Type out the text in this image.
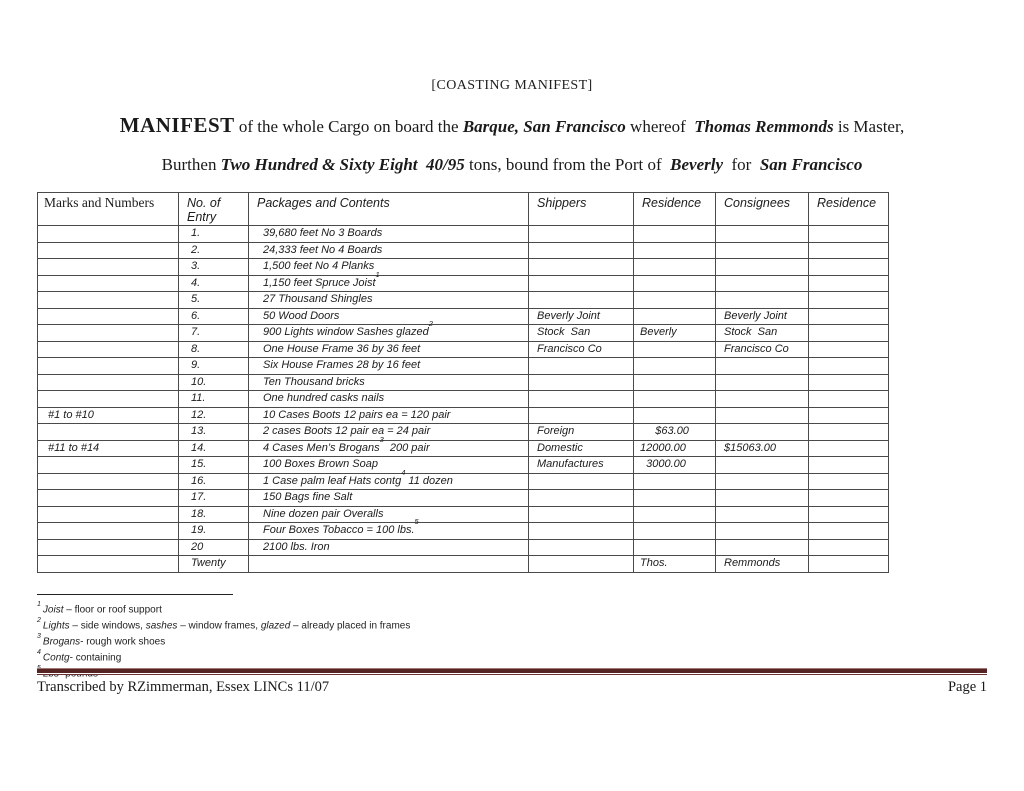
[COASTING MANIFEST]
MANIFEST of the whole Cargo on board the Barque, San Francisco whereof  Thomas Remmonds is Master,
Burthen Two Hundred & Sixty Eight  40/95 tons, bound from the Port of  Beverly  for  San Francisco
Marks and Numbers	No. of Entry	Packages and Contents	Shippers	Residence	Consignees	Residence
	1.	39,680 feet No 3 Boards				
	2.	24,333 feet No 4 Boards				
	3.	1,500 feet No 4 Planks				
	4.	1,150 feet Spruce Joist$^1$				
	5.	27 Thousand Shingles				
	6.	50 Wood Doors	Beverly Joint		Beverly Joint	
	7.	900 Lights window Sashes glazed$^2$	Stock  San	Beverly	Stock  San	
	8.	One House Frame 36 by 36 feet	Francisco Co		Francisco Co	
	9.	Six House Frames 28 by 16 feet				
	10.	Ten Thousand bricks				
	11.	One hundred casks nails				
#1 to #10	12.	10 Cases Boots 12 pairs ea = 120 pair				
	13.	2 cases Boots 12 pair ea = 24 pair	Foreign	$63.00		
#11 to #14	14.	4 Cases Men’s Brogans$^3$  200 pair	Domestic	12000.00	$15063.00	
	15.	100 Boxes Brown Soap	Manufactures	3000.00		
	16.	1 Case palm leaf Hats contg$^4$ 11 dozen				
	17.	150 Bags fine Salt				
	18.	Nine dozen pair Overalls				
	19.	Four Boxes Tobacco = 100 lbs.$^5$				
	20	2100 lbs. Iron				
	Twenty			Thos.	Remmonds	
$^1$ Joist – floor or roof support
$^2$ Lights – side windows, sashes – window frames, glazed – already placed in frames
$^3$ Brogans- rough work shoes
$^4$ Contg- containing
Transcribed by RZimmerman, Essex LINCs 11/07	Page 1
